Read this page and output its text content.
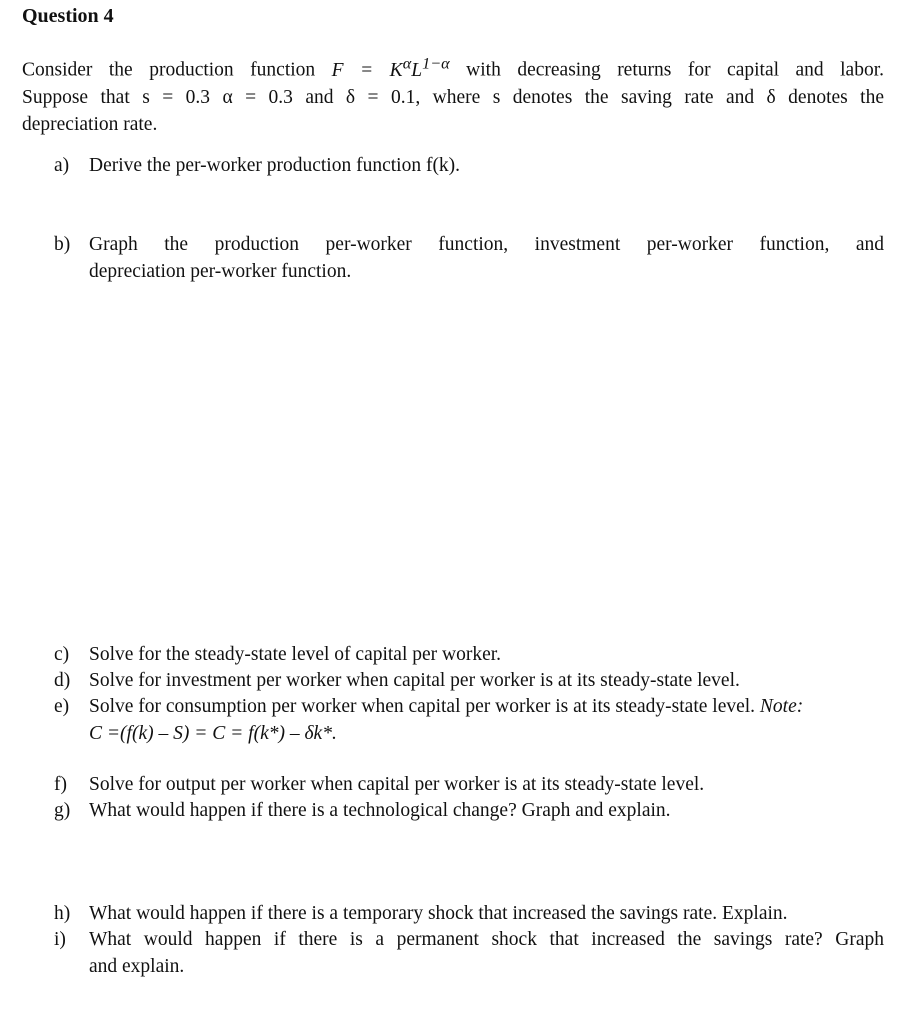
Question 4
Consider the production function $F = K^\alpha L^{1-\alpha}$ with decreasing returns for capital and labor.
Suppose that s = 0.3 α = 0.3 and δ = 0.1, where s denotes the saving rate and δ denotes the
depreciation rate.
a) Derive the per-worker production function f(k).
b) Graph the production per-worker function, investment per-worker function, and
depreciation per-worker function.
c) Solve for the steady-state level of capital per worker.
d) Solve for investment per worker when capital per worker is at its steady-state level.
e) Solve for consumption per worker when capital per worker is at its steady-state level. Note:
C =(f(k) – S) = C = f(k*) – δk*.
f) Solve for output per worker when capital per worker is at its steady-state level.
g) What would happen if there is a technological change? Graph and explain.
h) What would happen if there is a temporary shock that increased the savings rate. Explain.
i) What would happen if there is a permanent shock that increased the savings rate? Graph
and explain.
